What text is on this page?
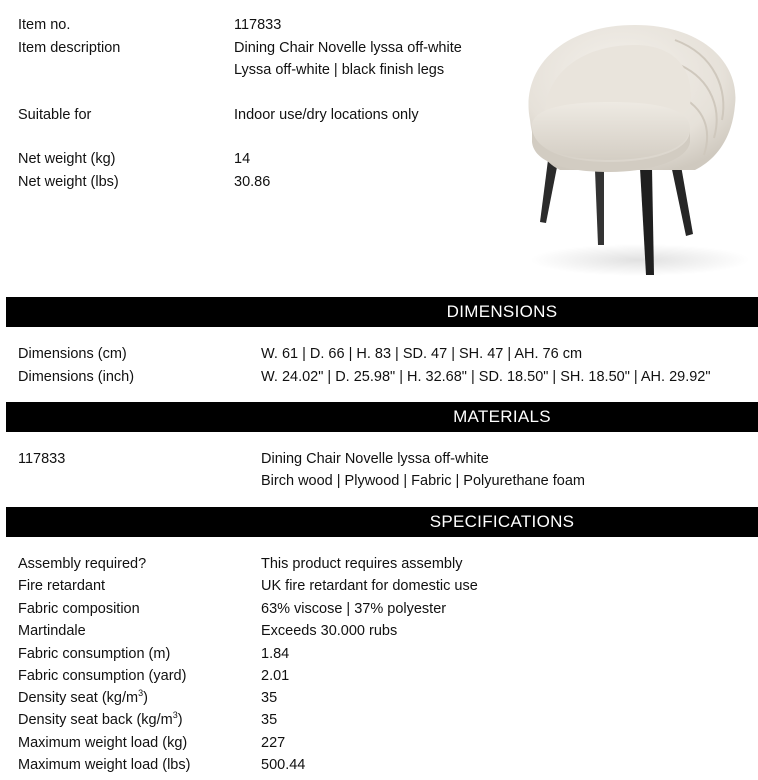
Item no.	117833
Item description	Dining Chair Novelle lyssa off-white
Lyssa off-white | black finish legs
Suitable for	Indoor use/dry locations only
Net weight (kg)	14
Net weight (lbs)	30.86
DIMENSIONS
Dimensions (cm)	W. 61 | D. 66 | H. 83 | SD. 47 | SH. 47 | AH. 76 cm
Dimensions (inch)	W. 24.02" | D. 25.98" | H. 32.68" | SD. 18.50" | SH. 18.50" | AH. 29.92"
MATERIALS
117833	Dining Chair Novelle lyssa off-white
Birch wood | Plywood | Fabric | Polyurethane foam
SPECIFICATIONS
Assembly required?	This product requires assembly
Fire retardant	UK fire retardant for domestic use
Fabric composition	63% viscose | 37% polyester
Martindale	Exceeds 30.000 rubs
Fabric consumption (m)	1.84
Fabric consumption (yard)	2.01
Density seat $(kg/m^3)$	35
Density seat back $(kg/m^3)$	35
Maximum weight load (kg)	227
Maximum weight load (lbs)	500.44
